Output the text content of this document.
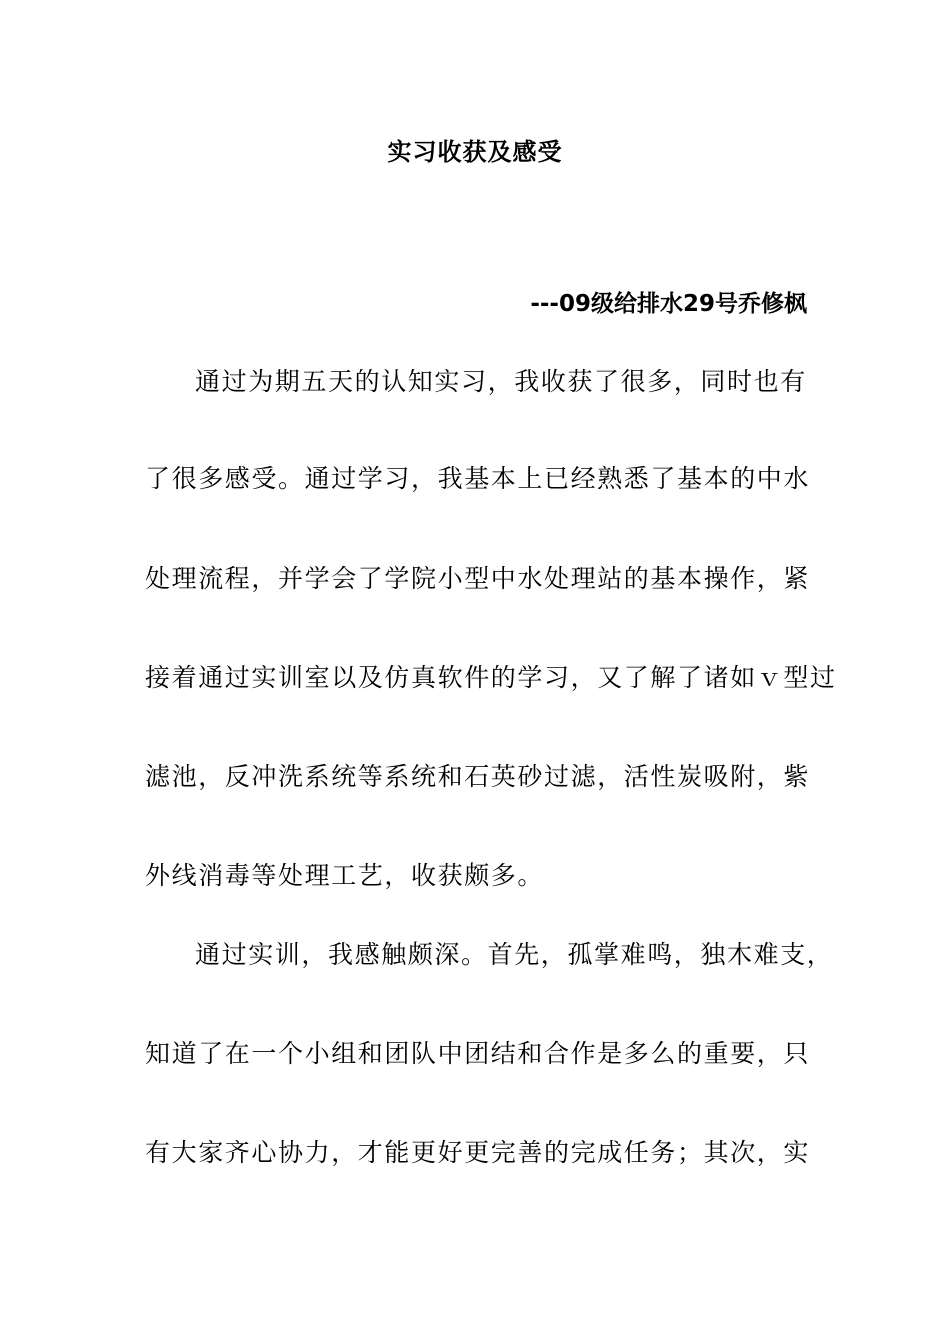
实习收获及感受
---09级给排水29号乔修枫
通过为期五天的认知实习，我收获了很多，同时也有
了很多感受。通过学习，我基本上已经熟悉了基本的中水
处理流程，并学会了学院小型中水处理站的基本操作，紧
接着通过实训室以及仿真软件的学习，又了解了诸如ｖ型过
滤池，反冲洗系统等系统和石英砂过滤，活性炭吸附，紫
外线消毒等处理工艺，收获颇多。
通过实训，我感触颇深。首先，孤掌难鸣，独木难支，
知道了在一个小组和团队中团结和合作是多么的重要，只
有大家齐心协力，才能更好更完善的完成任务；其次，实
